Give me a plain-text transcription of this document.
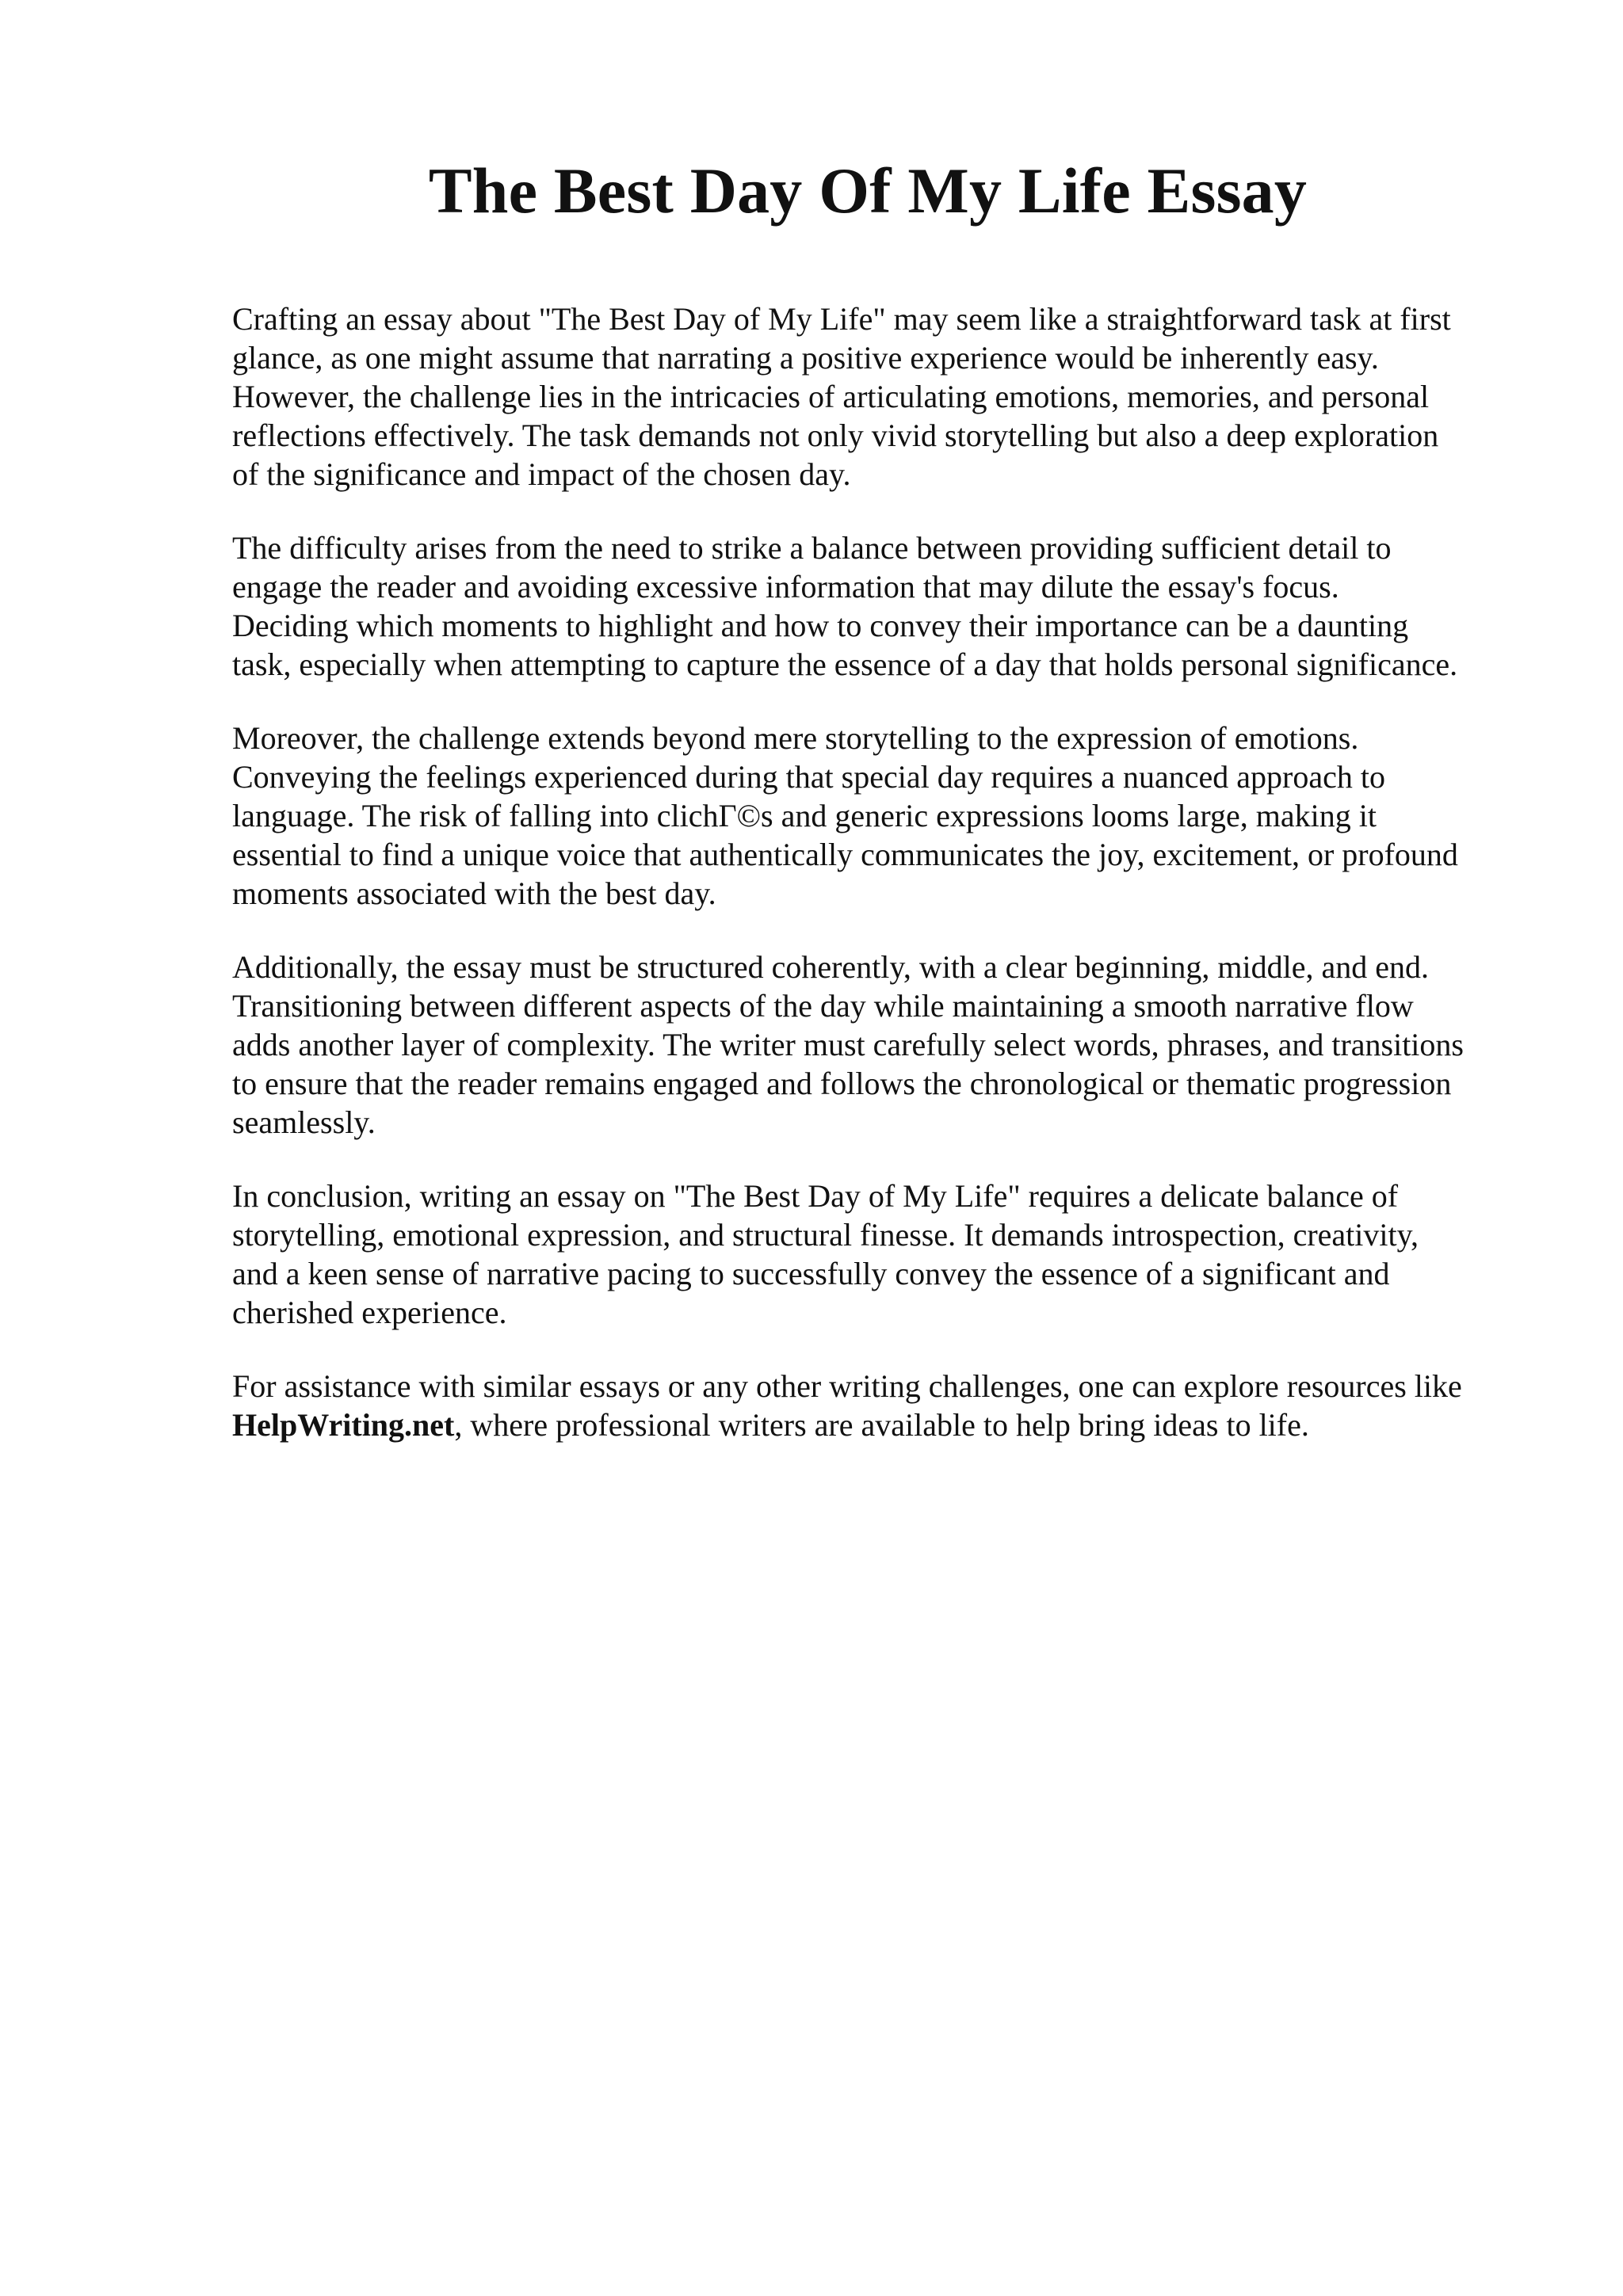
The Best Day Of My Life Essay

Crafting an essay about "The Best Day of My Life" may seem like a straightforward task at first
glance, as one might assume that narrating a positive experience would be inherently easy.
However, the challenge lies in the intricacies of articulating emotions, memories, and personal
reflections effectively. The task demands not only vivid storytelling but also a deep exploration
of the significance and impact of the chosen day.

The difficulty arises from the need to strike a balance between providing sufficient detail to
engage the reader and avoiding excessive information that may dilute the essay's focus.
Deciding which moments to highlight and how to convey their importance can be a daunting
task, especially when attempting to capture the essence of a day that holds personal significance.

Moreover, the challenge extends beyond mere storytelling to the expression of emotions.
Conveying the feelings experienced during that special day requires a nuanced approach to
language. The risk of falling into clichΓ©s and generic expressions looms large, making it
essential to find a unique voice that authentically communicates the joy, excitement, or profound
moments associated with the best day.

Additionally, the essay must be structured coherently, with a clear beginning, middle, and end.
Transitioning between different aspects of the day while maintaining a smooth narrative flow
adds another layer of complexity. The writer must carefully select words, phrases, and transitions
to ensure that the reader remains engaged and follows the chronological or thematic progression
seamlessly.

In conclusion, writing an essay on "The Best Day of My Life" requires a delicate balance of
storytelling, emotional expression, and structural finesse. It demands introspection, creativity,
and a keen sense of narrative pacing to successfully convey the essence of a significant and
cherished experience.

For assistance with similar essays or any other writing challenges, one can explore resources like
HelpWriting.net, where professional writers are available to help bring ideas to life.
